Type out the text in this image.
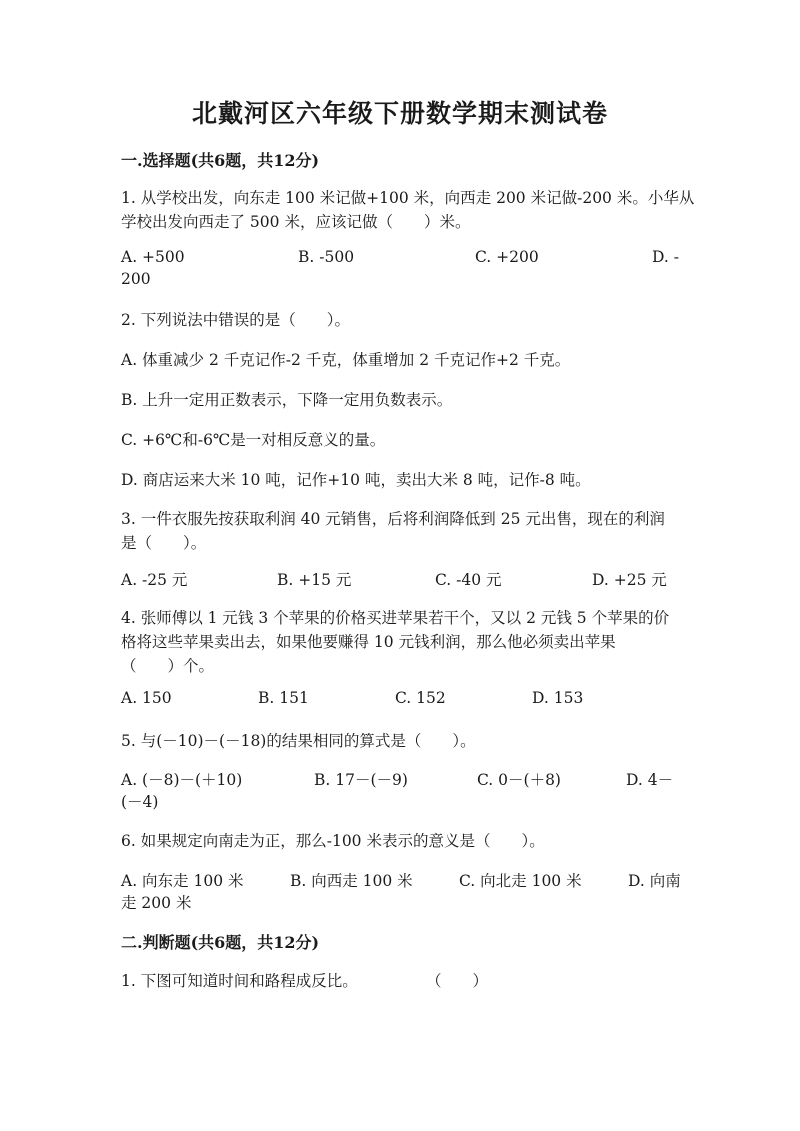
北戴河区六年级下册数学期末测试卷
一.选择题(共6题，共12分)
1. 从学校出发，向东走 100 米记做+100 米，向西走 200 米记做-200 米。小华从
学校出发向西走了 500 米，应该记做（　　）米。
A. +500	B. -500	C. +200	D. -
200
2. 下列说法中错误的是（　　）。
A. 体重减少 2 千克记作-2 千克，体重增加 2 千克记作+2 千克。
B. 上升一定用正数表示，下降一定用负数表示。
C. +6℃和-6℃是一对相反意义的量。
D. 商店运来大米 10 吨，记作+10 吨，卖出大米 8 吨，记作-8 吨。
3. 一件衣服先按获取利润 40 元销售，后将利润降低到 25 元出售，现在的利润
是（　　）。
A. -25 元	B. +15 元	C. -40 元	D. +25 元
4. 张师傅以 1 元钱 3 个苹果的价格买进苹果若干个，又以 2 元钱 5 个苹果的价
格将这些苹果卖出去，如果他要赚得 10 元钱利润，那么他必须卖出苹果
（　　）个。
A. 150	B. 151	C. 152	D. 153
5. 与(－10)－(－18)的结果相同的算式是（　　）。
A. (－8)－(＋10)	B. 17－(－9)	C. 0－(＋8)	D. 4－
(－4)
6. 如果规定向南走为正，那么-100 米表示的意义是（　　）。
A. 向东走 100 米	B. 向西走 100 米	C. 向北走 100 米	D. 向南
走 200 米
二.判断题(共6题，共12分)
1. 下图可知道时间和路程成反比。	（　　）
